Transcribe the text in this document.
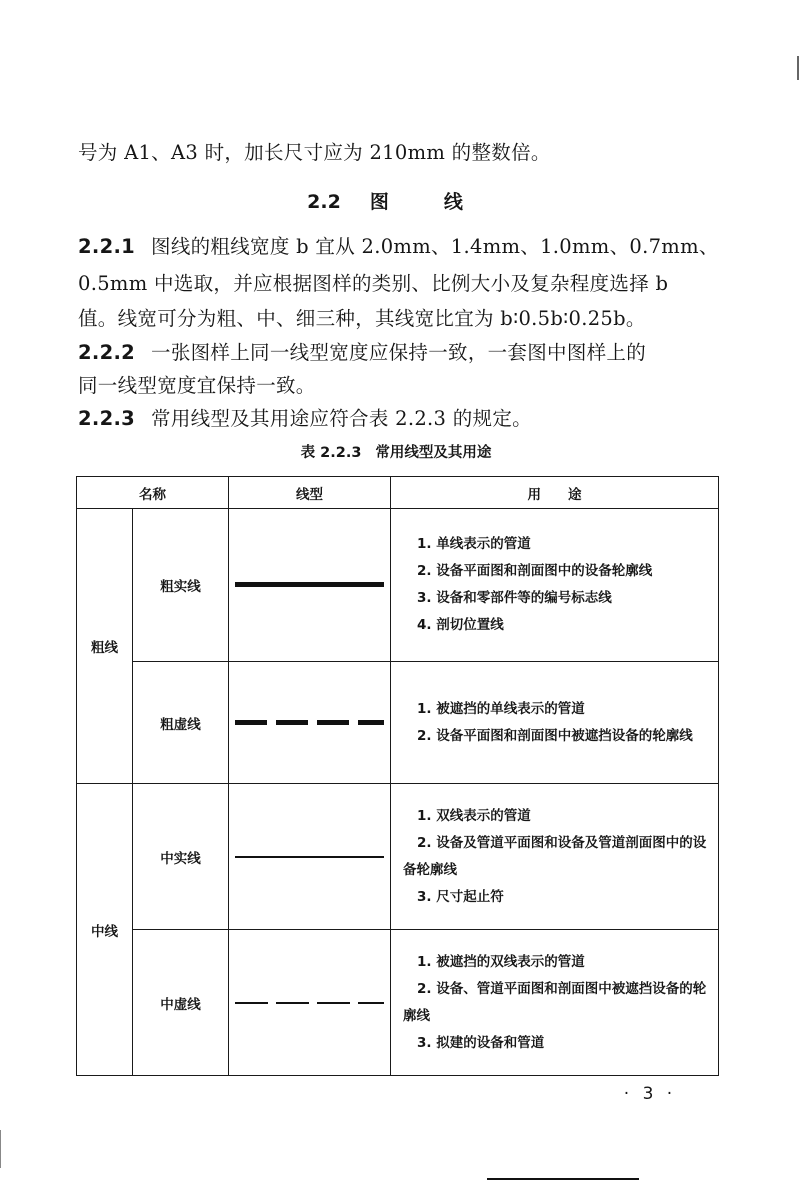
号为 A1、A3 时，加长尺寸应为 210mm 的整数倍。
2.2 图	线
2.2.1 图线的粗线宽度 b 宜从 2.0mm、1.4mm、1.0mm、0.7mm、
0.5mm 中选取，并应根据图样的类别、比例大小及复杂程度选择 b
值。线宽可分为粗、中、细三种，其线宽比宜为 b∶0.5b∶0.25b。
2.2.2 一张图样上同一线型宽度应保持一致，一套图中图样上的
同一线型宽度宜保持一致。
2.2.3 常用线型及其用途应符合表 2.2.3 的规定。
表 2.2.3 常用线型及其用途
名称		线型	用　　途
粗线	粗实线		1. 单线表示的管道
2. 设备平面图和剖面图中的设备轮廓线
3. 设备和零部件等的编号标志线
4. 剖切位置线

	粗虚线		1. 被遮挡的单线表示的管道
2. 设备平面图和剖面图中被遮挡设备的轮廓线

中线	中实线		1. 双线表示的管道
2. 设备及管道平面图和设备及管道剖面图中的设备轮廓线
3. 尺寸起止符

	中虚线		1. 被遮挡的双线表示的管道
2. 设备、管道平面图和剖面图中被遮挡设备的轮廓线
3. 拟建的设备和管道
· 3 ·
